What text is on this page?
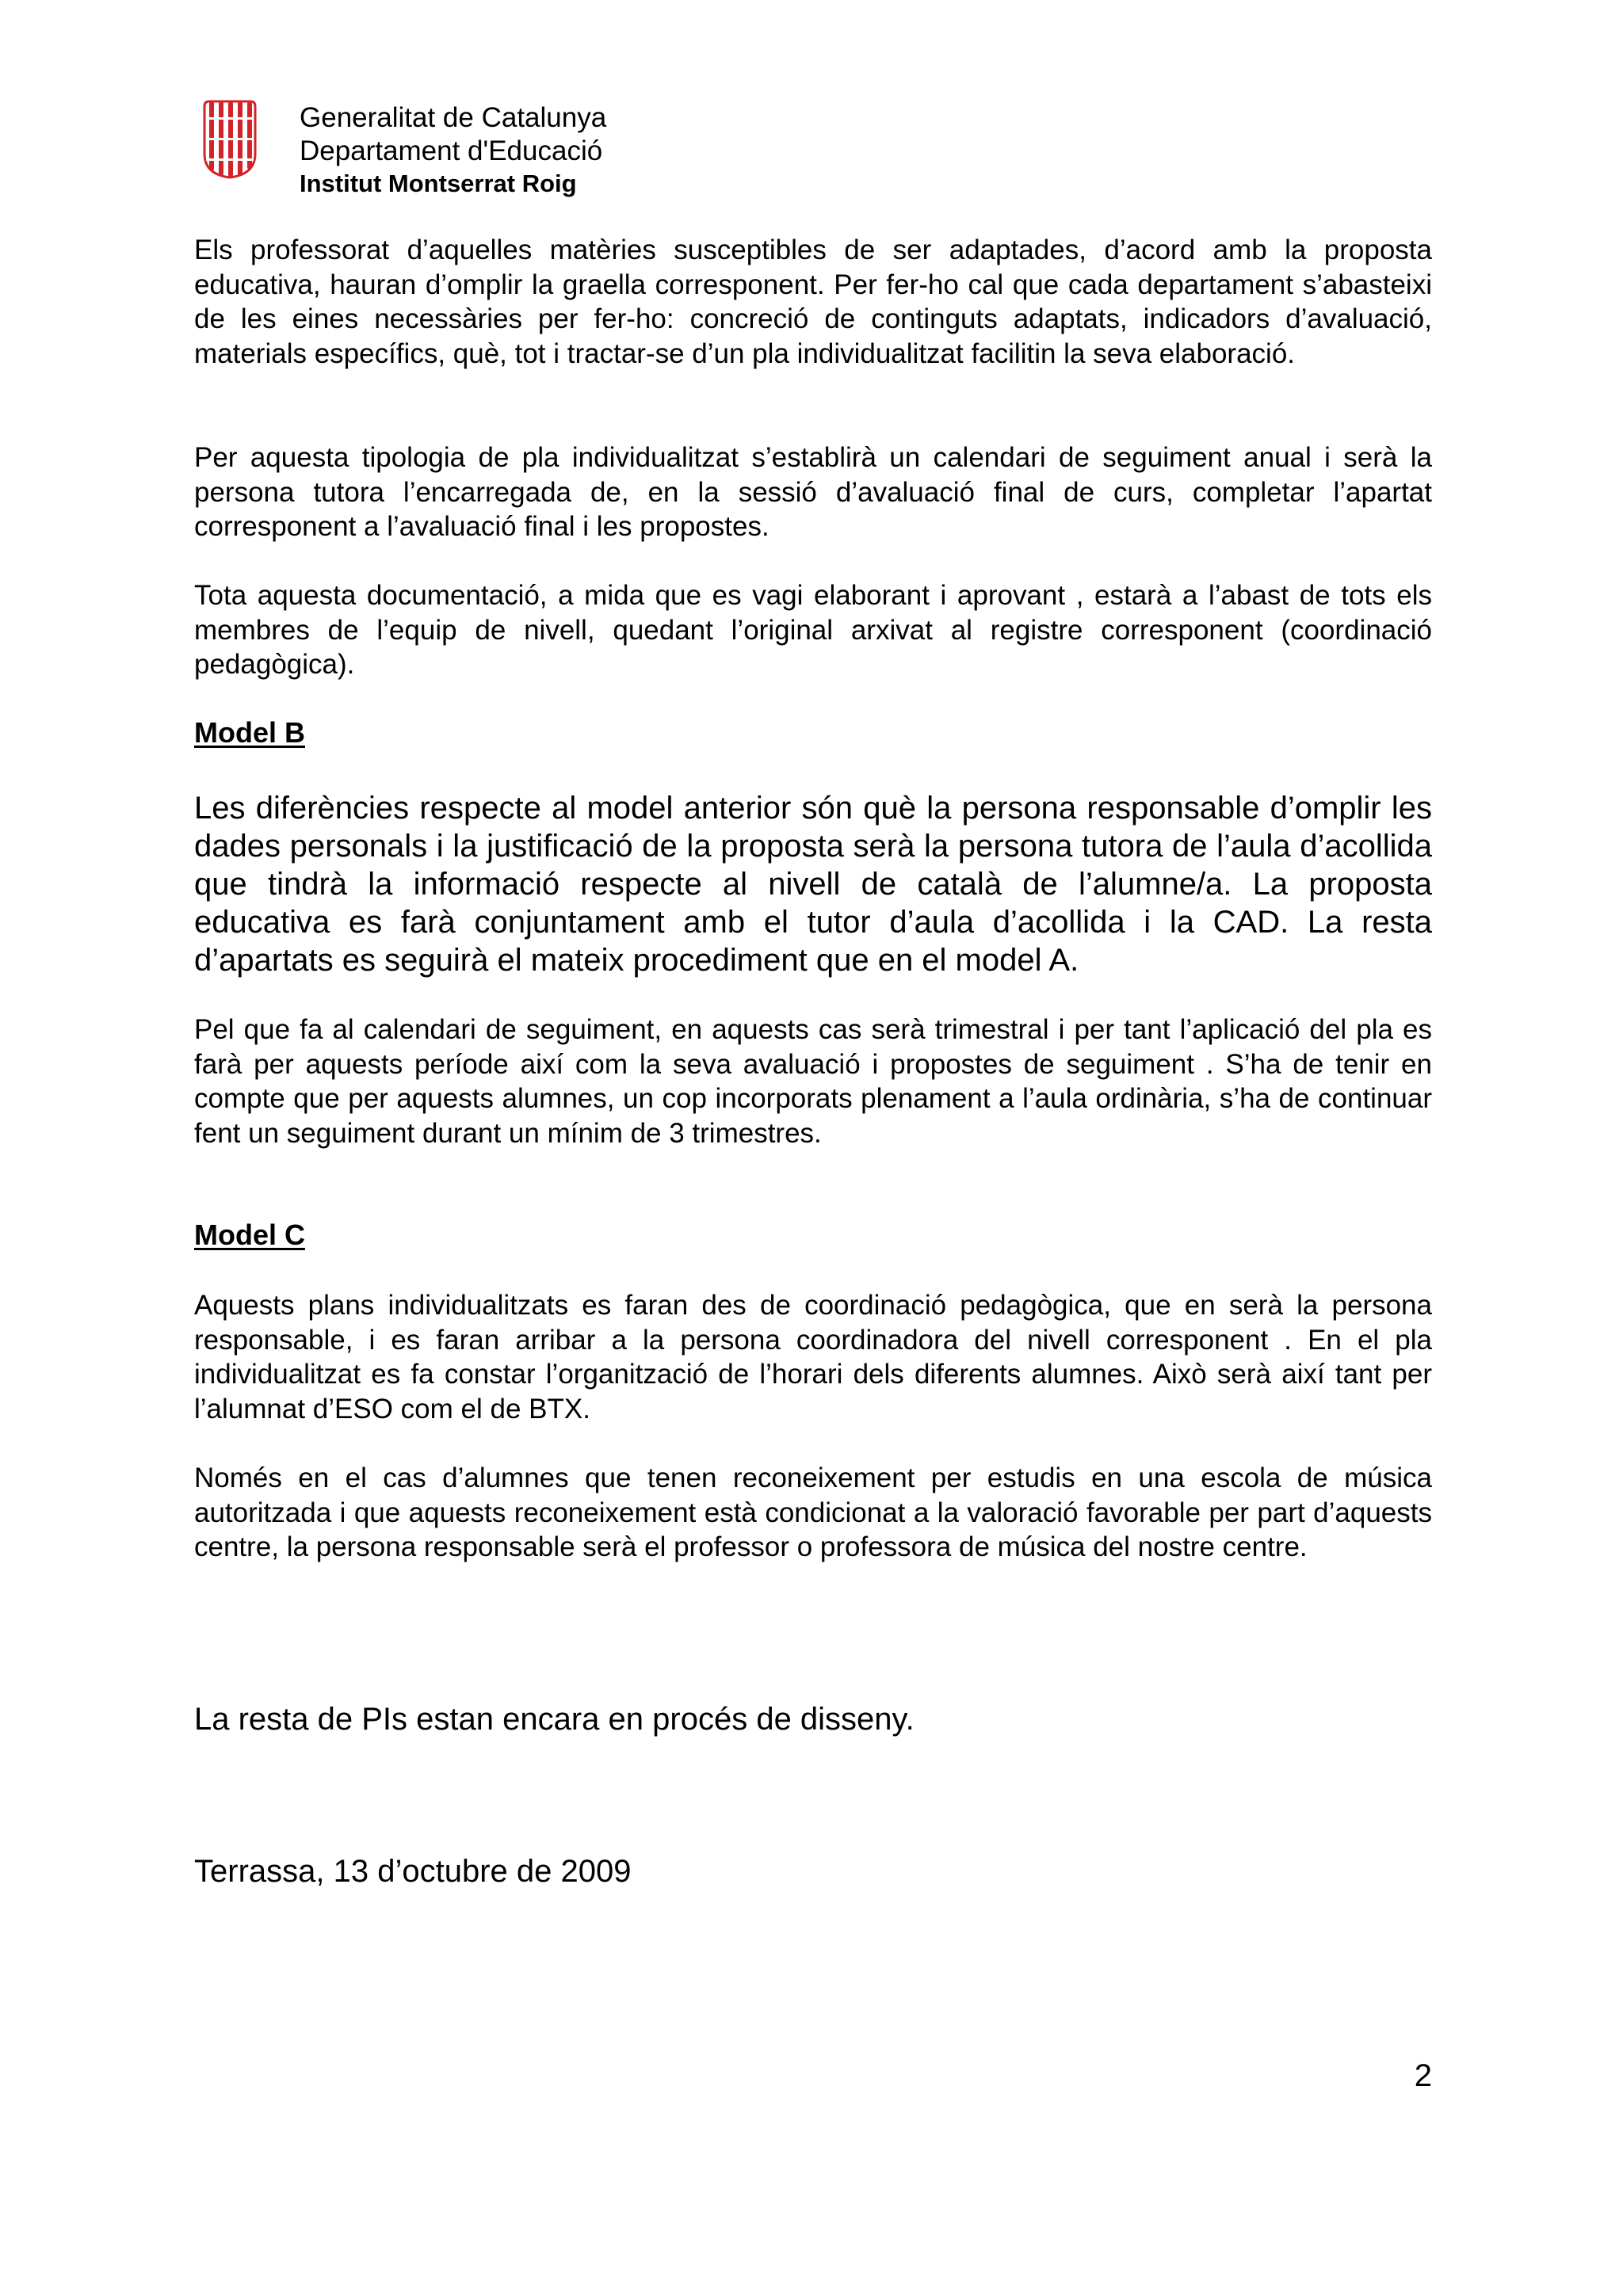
Generalitat de Catalunya
Departament d'Educació
Institut Montserrat Roig
Els professorat d’aquelles matèries susceptibles de ser adaptades, d’acord amb la proposta educativa, hauran d’omplir la graella corresponent. Per fer-ho cal que cada departament s’abasteixi de les eines necessàries per fer-ho: concreció de continguts adaptats, indicadors d’avaluació, materials específics, què, tot i tractar-se d’un pla individualitzat facilitin la seva elaboració.
Per aquesta tipologia de pla individualitzat s’establirà un calendari de seguiment anual i serà la persona tutora l’encarregada de, en la sessió d’avaluació final de curs, completar l’apartat corresponent a l’avaluació final i les propostes.
Tota aquesta documentació, a mida que es vagi elaborant i aprovant , estarà a l’abast de tots els membres de l’equip de nivell, quedant l’original arxivat al registre corresponent (coordinació pedagògica).
Model B
Les diferències respecte al model anterior són què la persona responsable d’omplir les dades personals i la justificació de la proposta serà la persona tutora de l’aula d’acollida que tindrà la informació respecte al nivell de català de l’alumne/a. La proposta educativa es farà conjuntament amb el tutor d’aula d’acollida i la CAD. La resta d’apartats es seguirà el mateix procediment que en el model A.
Pel que fa al calendari de seguiment, en aquests cas serà trimestral i per tant l’aplicació del pla es farà per aquests període així com la seva avaluació i propostes de seguiment . S’ha de tenir en compte que per aquests alumnes, un cop incorporats plenament a l’aula ordinària, s’ha de continuar fent un seguiment durant un mínim de 3 trimestres.
Model C
Aquests plans individualitzats es faran des de coordinació pedagògica, que en serà la persona responsable, i es faran arribar a la persona coordinadora del nivell corresponent . En el pla individualitzat es fa constar l’organització de l’horari dels diferents alumnes. Això serà així tant per l’alumnat d’ESO com el de BTX.
Només en el cas d’alumnes que tenen reconeixement per estudis en una escola de música autoritzada i que aquests reconeixement està condicionat a la valoració favorable per part d’aquests centre, la persona responsable serà el professor o professora de música del nostre centre.
La resta de PIs estan encara en procés de disseny.
Terrassa, 13 d’octubre de 2009
2
